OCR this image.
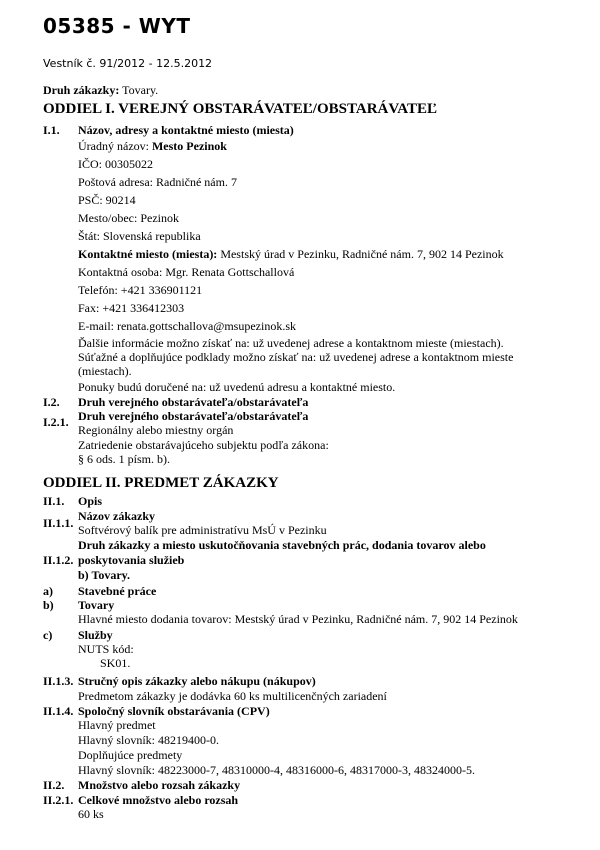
05385 - WYT
Vestník č. 91/2012 - 12.5.2012
Druh zákazky: Tovary.
ODDIEL I. VEREJNÝ OBSTARÁVATEĽ/OBSTARÁVATEĽ
I.1. Názov, adresy a kontaktné miesto (miesta)
Úradný názov: Mesto Pezinok
IČO: 00305022
Poštová adresa: Radničné nám. 7
PSČ: 90214
Mesto/obec: Pezinok
Štát: Slovenská republika
Kontaktné miesto (miesta): Mestský úrad v Pezinku, Radničné nám. 7, 902 14 Pezinok
Kontaktná osoba: Mgr. Renata Gottschallová
Telefón: +421 336901121
Fax: +421 336412303
E-mail: renata.gottschallova@msupezinok.sk
Ďalšie informácie možno získať na: už uvedenej adrese a kontaktnom mieste (miestach).
Súťažné a doplňujúce podklady možno získať na: už uvedenej adrese a kontaktnom mieste
(miestach).
Ponuky budú doručené na: už uvedenú adresu a kontaktné miesto.
I.2. Druh verejného obstarávateľa/obstarávateľa
I.2.1. Druh verejného obstarávateľa/obstarávateľa
Regionálny alebo miestny orgán
Zatriedenie obstarávajúceho subjektu podľa zákona:
§ 6 ods. 1 písm. b).
ODDIEL II. PREDMET ZÁKAZKY
II.1. Opis
II.1.1. Názov zákazky
Softvérový balík pre administratívu MsÚ v Pezinku
Druh zákazky a miesto uskutočňovania stavebných prác, dodania tovarov alebo
II.1.2. poskytovania služieb
b) Tovary.
a) Stavebné práce
b) Tovary
Hlavné miesto dodania tovarov: Mestský úrad v Pezinku, Radničné nám. 7, 902 14 Pezinok
c) Služby
NUTS kód:
SK01.
II.1.3. Stručný opis zákazky alebo nákupu (nákupov)
Predmetom zákazky je dodávka 60 ks multilicenčných zariadení
II.1.4. Spoločný slovník obstarávania (CPV)
Hlavný predmet
Hlavný slovník: 48219400-0.
Doplňujúce predmety
Hlavný slovník: 48223000-7, 48310000-4, 48316000-6, 48317000-3, 48324000-5.
II.2. Množstvo alebo rozsah zákazky
II.2.1. Celkové množstvo alebo rozsah
60 ks
